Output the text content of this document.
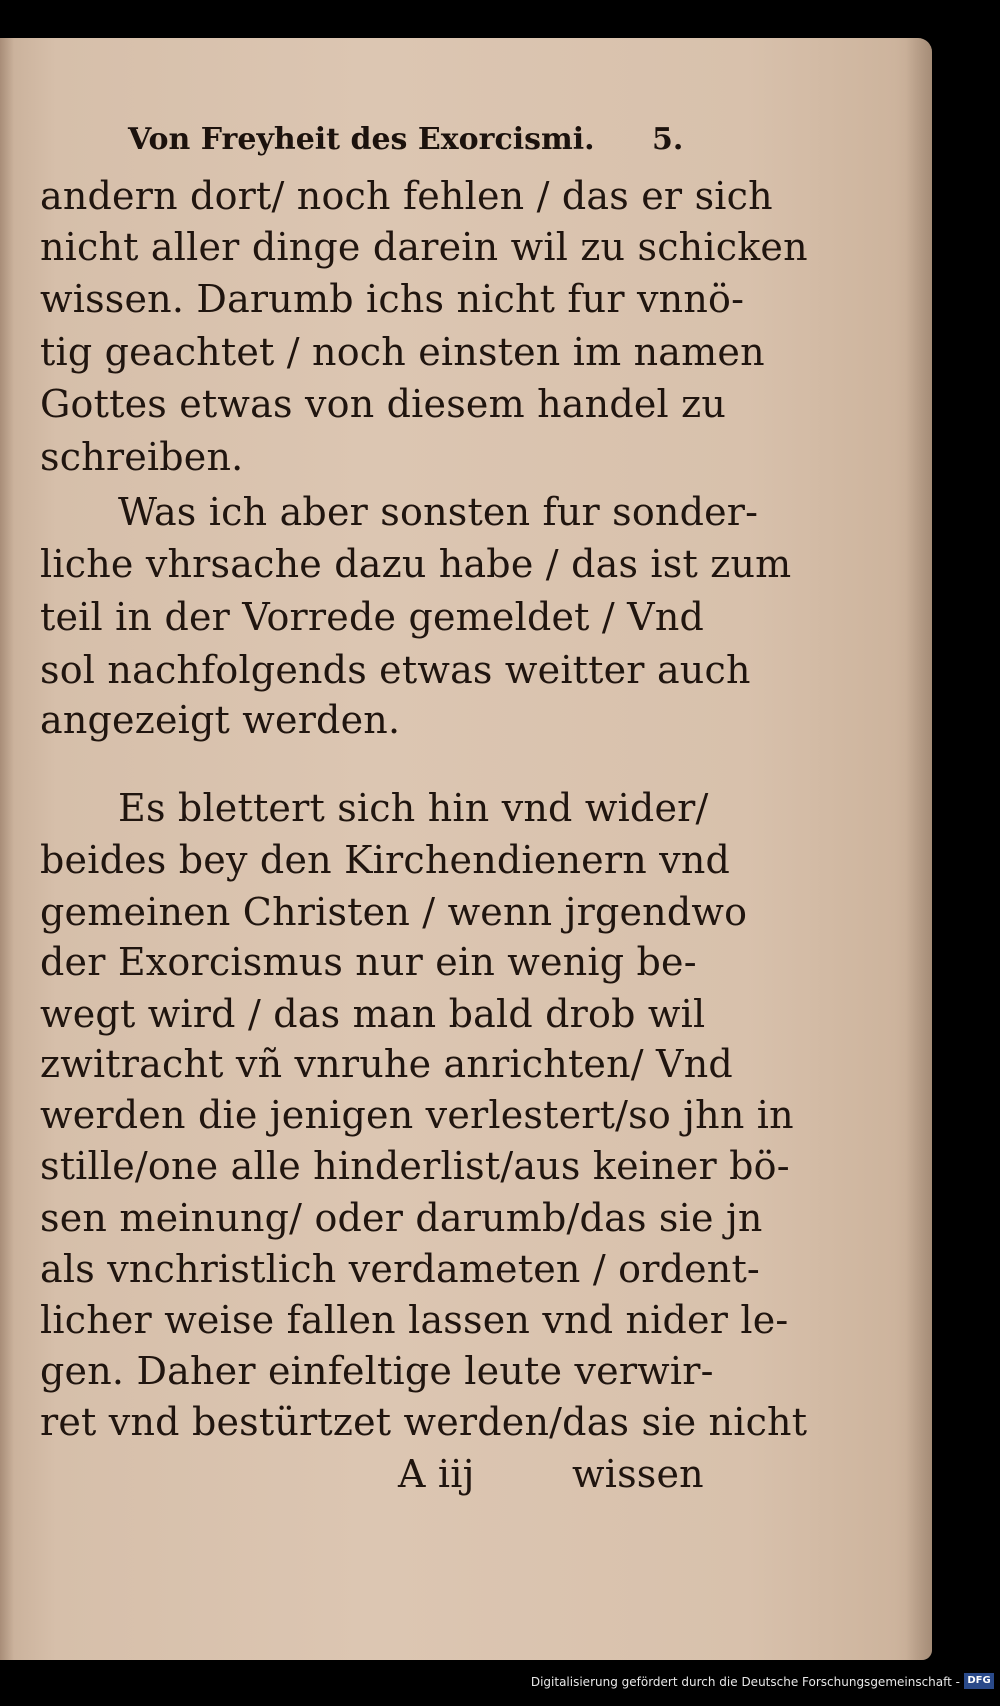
Von Freyheit des Exorcismi.	5.
andern dort/ noch fehlen / das er sich
nicht aller dinge darein wil zu schicken
wissen. Darumb ichs nicht fur vnnö-
tig geachtet / noch einsten im namen
Gottes etwas von diesem handel zu
schreiben.
Was ich aber sonsten fur sonder-
liche vhrsache dazu habe / das ist zum
teil in der Vorrede gemeldet / Vnd
sol nachfolgends etwas weitter auch
angezeigt werden.
Es blettert sich hin vnd wider/
beides bey den Kirchendienern vnd
gemeinen Christen / wenn jrgendwo
der Exorcismus nur ein wenig be-
wegt wird / das man bald drob wil
zwitracht vñ vnruhe anrichten/ Vnd
werden die jenigen verlestert/so jhn in
stille/one alle hinderlist/aus keiner bö-
sen meinung/ oder darumb/das sie jn
als vnchristlich verdameten / ordent-
licher weise fallen lassen vnd nider le-
gen. Daher einfeltige leute verwir-
ret vnd bestürtzet werden/das sie nicht
A iij	wissen
Digitalisierung gefördert durch die Deutsche Forschungsgemeinschaft - DFG
